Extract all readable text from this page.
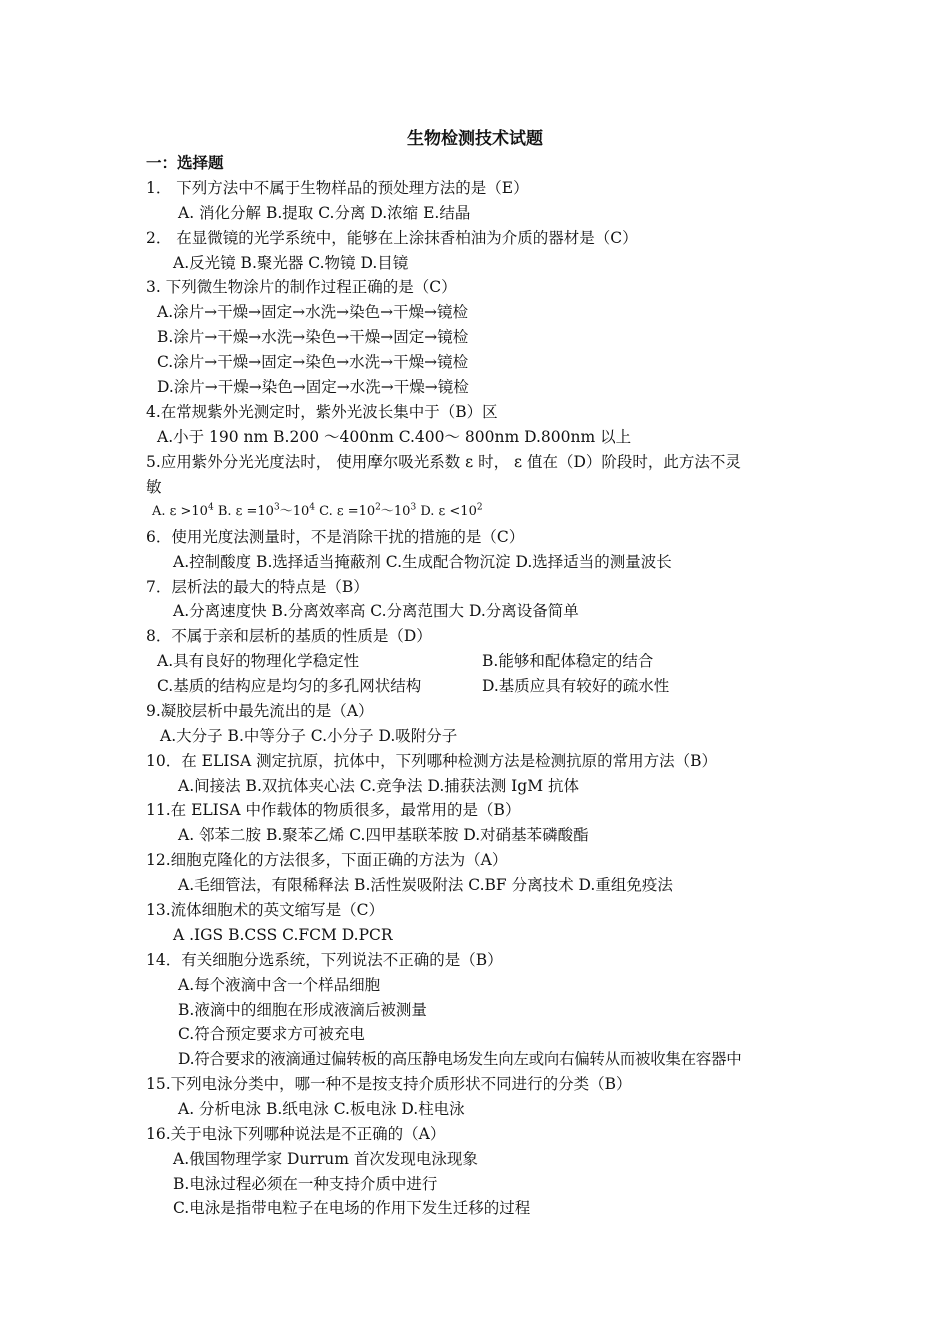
生物检测技术试题
一：选择题
1． 下列方法中不属于生物样品的预处理方法的是（E）
A. 消化分解 B.提取 C.分离 D.浓缩 E.结晶
2． 在显微镜的光学系统中，能够在上涂抹香柏油为介质的器材是（C）
A.反光镜 B.聚光器 C.物镜 D.目镜
3. 下列微生物涂片的制作过程正确的是（C）
A.涂片→干燥→固定→水洗→染色→干燥→镜检
B.涂片→干燥→水洗→染色→干燥→固定→镜检
C.涂片→干燥→固定→染色→水洗→干燥→镜检
D.涂片→干燥→染色→固定→水洗→干燥→镜检
4.在常规紫外光测定时，紫外光波长集中于（B）区
A.小于 190 nm B.200 ～400nm C.400～ 800nm D.800nm 以上
5.应用紫外分光光度法时， 使用摩尔吸光系数 ε 时， ε 值在（D）阶段时，此方法不灵
敏
A. $\varepsilon >10^4$ B. $\varepsilon =10^3\sim 10^4$ C. $\varepsilon =10^2\sim 10^3$ D. $\varepsilon <10^2$
6．使用光度法测量时，不是消除干扰的措施的是（C）
A.控制酸度 B.选择适当掩蔽剂 C.生成配合物沉淀 D.选择适当的测量波长
7．层析法的最大的特点是（B）
A.分离速度快 B.分离效率高 C.分离范围大 D.分离设备简单
8．不属于亲和层析的基质的性质是（D）
A.具有良好的物理化学稳定性	B.能够和配体稳定的结合
C.基质的结构应是均匀的多孔网状结构	D.基质应具有较好的疏水性
9.凝胶层析中最先流出的是（A）
A.大分子 B.中等分子 C.小分子 D.吸附分子
10．在 ELISA 测定抗原，抗体中，下列哪种检测方法是检测抗原的常用方法（B）
A.间接法 B.双抗体夹心法 C.竞争法 D.捕获法测 IgM 抗体
11.在 ELISA 中作载体的物质很多，最常用的是（B）
A. 邻苯二胺 B.聚苯乙烯 C.四甲基联苯胺 D.对硝基苯磷酸酯
12.细胞克隆化的方法很多，下面正确的方法为（A）
A.毛细管法，有限稀释法 B.活性炭吸附法 C.BF 分离技术 D.重组免疫法
13.流体细胞术的英文缩写是（C）
A .IGS B.CSS C.FCM D.PCR
14．有关细胞分选系统，下列说法不正确的是（B）
A.每个液滴中含一个样品细胞
B.液滴中的细胞在形成液滴后被测量
C.符合预定要求方可被充电
D.符合要求的液滴通过偏转板的高压静电场发生向左或向右偏转从而被收集在容器中
15.下列电泳分类中，哪一种不是按支持介质形状不同进行的分类（B）
A. 分析电泳 B.纸电泳 C.板电泳 D.柱电泳
16.关于电泳下列哪种说法是不正确的（A）
A.俄国物理学家 Durrum 首次发现电泳现象
B.电泳过程必须在一种支持介质中进行
C.电泳是指带电粒子在电场的作用下发生迁移的过程
